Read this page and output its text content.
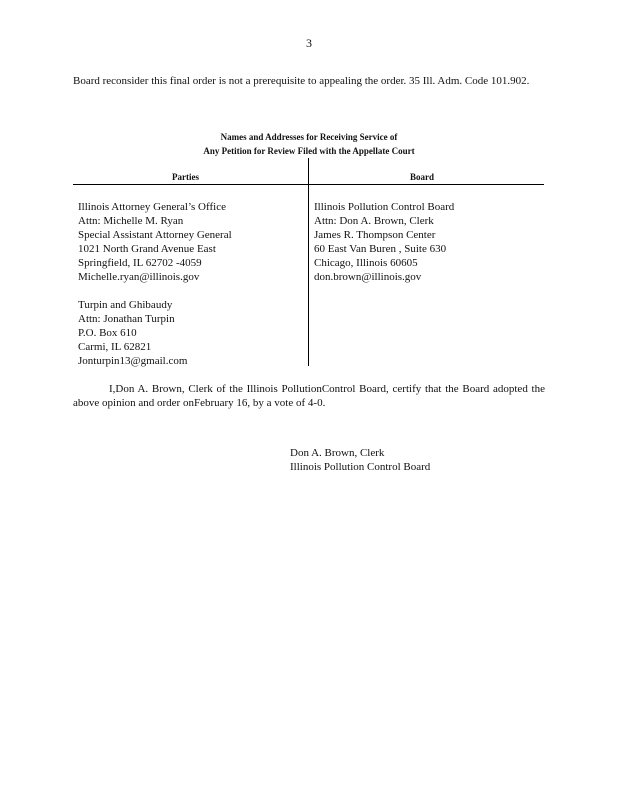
3
Board reconsider this final order is not a prerequisite to appealing the order. 35 Ill. Adm. Code 101.902.
Names and Addresses for Receiving Service of
Any Petition for Review Filed with the Appellate Court
Parties	Board
Illinois Attorney General’s Office
Attn: Michelle M. Ryan
Special Assistant Attorney General
1021 North Grand Avenue East
Springfield, IL 62702 -4059
Michelle.ryan@illinois.gov
Turpin and Ghibaudy
Attn: Jonathan Turpin
P.O. Box 610
Carmi, IL 62821
Jonturpin13@gmail.com
Illinois Pollution Control Board
Attn: Don A. Brown, Clerk
James R. Thompson Center
60 East Van Buren , Suite 630
Chicago, Illinois 60605
don.brown@illinois.gov
I,Don A. Brown, Clerk of the Illinois PollutionControl Board, certify that the Board adopted the above opinion and order onFebruary 16, by a vote of 4-0.
Don A. Brown, Clerk
Illinois Pollution Control Board
